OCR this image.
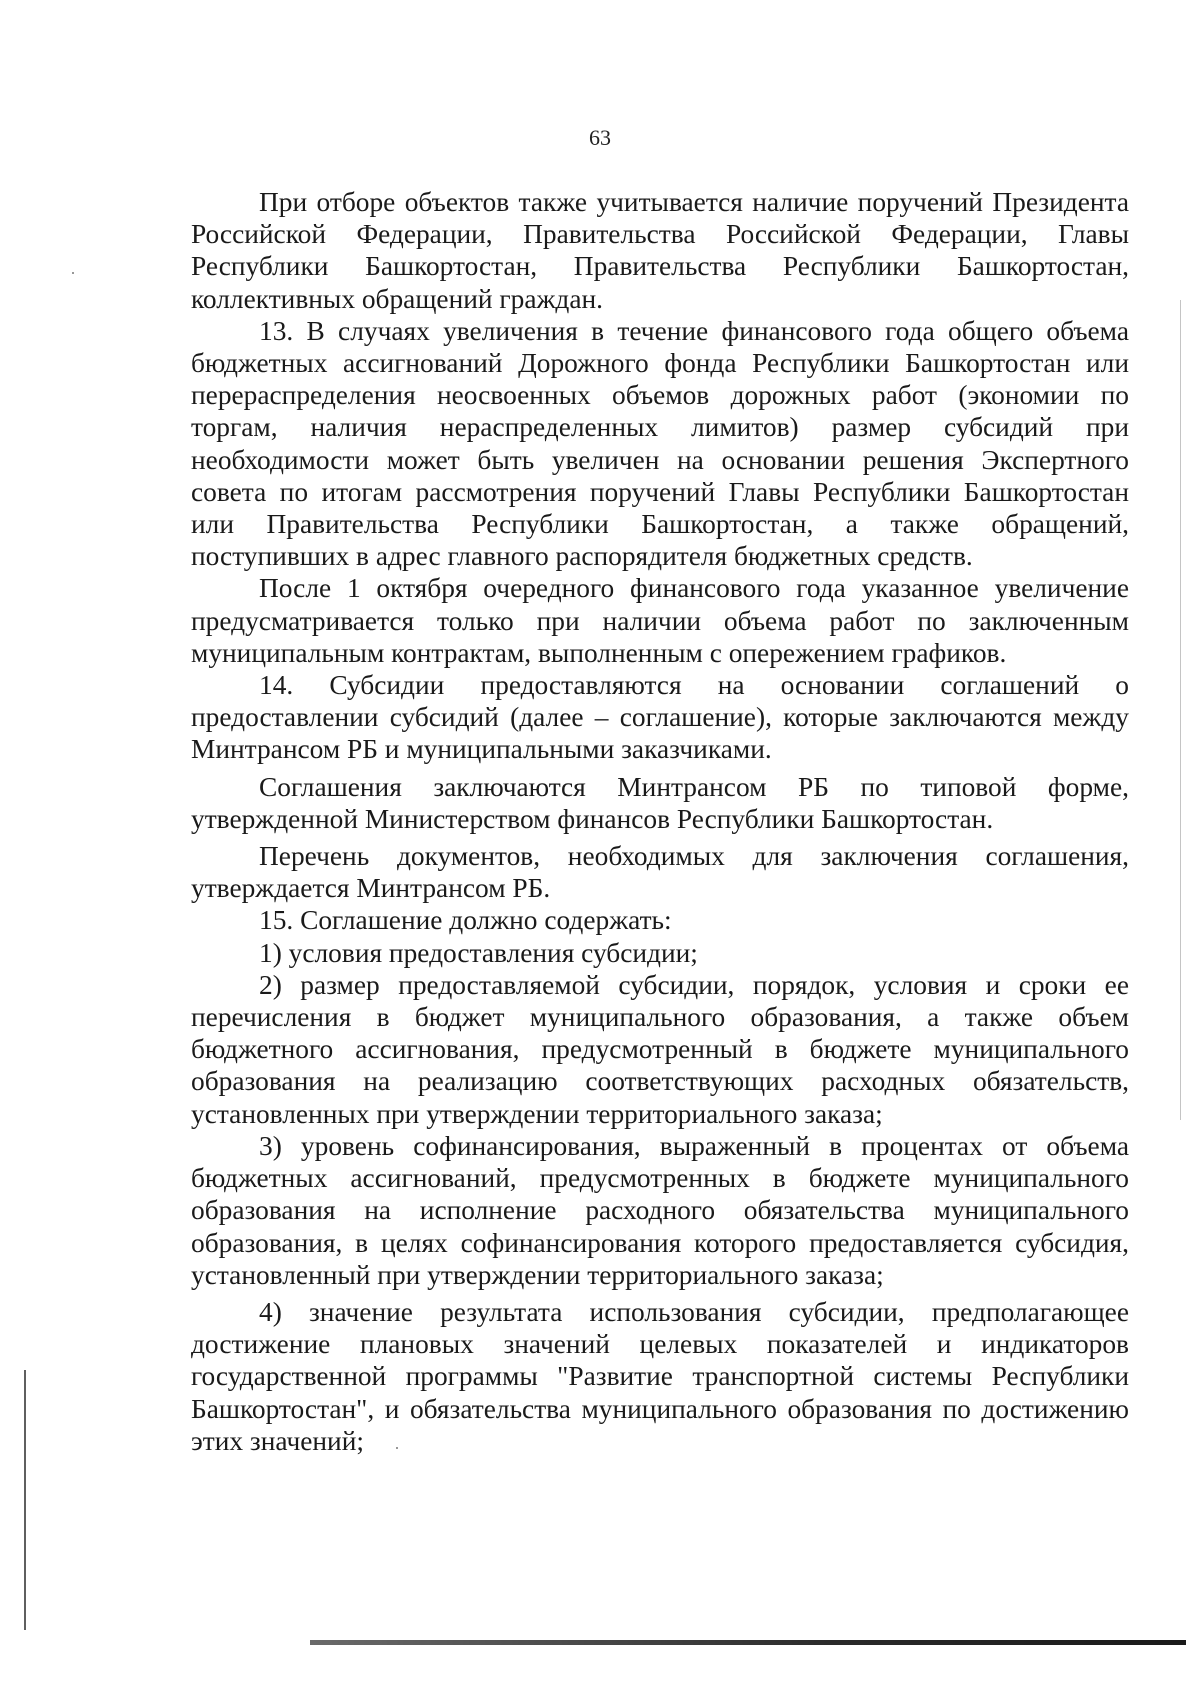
63

При отборе объектов также учитывается наличие поручений Президента Российской Федерации, Правительства Российской Федерации, Главы Республики Башкортостан, Правительства Республики Башкортостан, коллективных обращений граждан.

13. В случаях увеличения в течение финансового года общего объема бюджетных ассигнований Дорожного фонда Республики Башкортостан или перераспределения неосвоенных объемов дорожных работ (экономии по торгам, наличия нераспределенных лимитов) размер субсидий при необходимости может быть увеличен на основании решения Экспертного совета по итогам рассмотрения поручений Главы Республики Башкортостан или Правительства Республики Башкортостан, а также обращений, поступивших в адрес главного распорядителя бюджетных средств.

После 1 октября очередного финансового года указанное увеличение предусматривается только при наличии объема работ по заключенным муниципальным контрактам, выполненным с опережением графиков.

14. Субсидии предоставляются на основании соглашений о предоставлении субсидий (далее – соглашение), которые заключаются между Минтрансом РБ и муниципальными заказчиками.

Соглашения заключаются Минтрансом РБ по типовой форме, утвержденной Министерством финансов Республики Башкортостан.

Перечень документов, необходимых для заключения соглашения, утверждается Минтрансом РБ.

15. Соглашение должно содержать:

1) условия предоставления субсидии;

2) размер предоставляемой субсидии, порядок, условия и сроки ее перечисления в бюджет муниципального образования, а также объем бюджетного ассигнования, предусмотренный в бюджете муниципального образования на реализацию соответствующих расходных обязательств, установленных при утверждении территориального заказа;

3) уровень софинансирования, выраженный в процентах от объема бюджетных ассигнований, предусмотренных в бюджете муниципального образования на исполнение расходного обязательства муниципального образования, в целях софинансирования которого предоставляется субсидия, установленный при утверждении территориального заказа;

4) значение результата использования субсидии, предполагающее достижение плановых значений целевых показателей и индикаторов государственной программы "Развитие транспортной системы Республики Башкортостан", и обязательства муниципального образования по достижению этих значений;
